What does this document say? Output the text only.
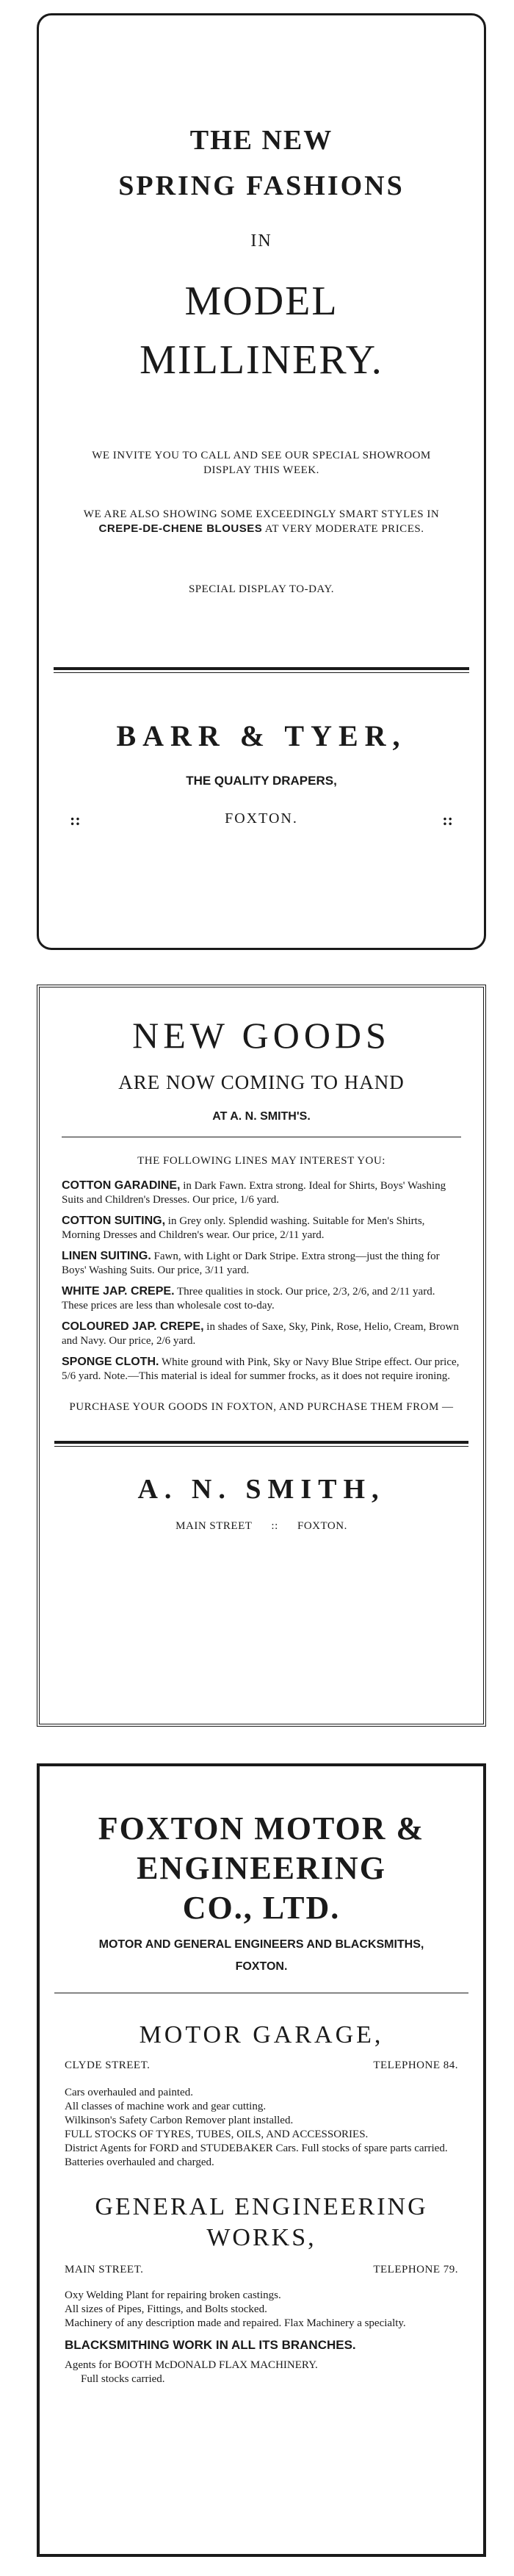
THE NEW
SPRING FASHIONS
IN
MODEL
MILLINERY.
WE INVITE YOU TO CALL AND SEE OUR SPECIAL SHOWROOM DISPLAY THIS WEEK.
WE ARE ALSO SHOWING SOME EXCEEDINGLY SMART STYLES IN CREPE-DE-CHENE BLOUSES AT VERY MODERATE PRICES.
SPECIAL DISPLAY TO-DAY.
BARR & TYER,
THE QUALITY DRAPERS,
::	FOXTON.	::
NEW GOODS
ARE NOW COMING TO HAND
AT A. N. SMITH'S.
THE FOLLOWING LINES MAY INTEREST YOU:
COTTON GARADINE, in Dark Fawn. Extra strong. Ideal for Shirts, Boys' Washing Suits and Children's Dresses. Our price, 1/6 yard.
COTTON SUITING, in Grey only. Splendid washing. Suitable for Men's Shirts, Morning Dresses and Children's wear. Our price, 2/11 yard.
LINEN SUITING. Fawn, with Light or Dark Stripe. Extra strong—just the thing for Boys' Washing Suits. Our price, 3/11 yard.
WHITE JAP. CREPE. Three qualities in stock. Our price, 2/3, 2/6, and 2/11 yard. These prices are less than wholesale cost to-day.
COLOURED JAP. CREPE, in shades of Saxe, Sky, Pink, Rose, Helio, Cream, Brown and Navy. Our price, 2/6 yard.
SPONGE CLOTH. White ground with Pink, Sky or Navy Blue Stripe effect. Our price, 5/6 yard. Note.—This material is ideal for summer frocks, as it does not require ironing.
PURCHASE YOUR GOODS IN FOXTON, AND PURCHASE THEM FROM —
A. N. SMITH,
MAIN STREET :: FOXTON.
FOXTON MOTOR &
ENGINEERING
CO., LTD.
MOTOR AND GENERAL ENGINEERS AND BLACKSMITHS,
FOXTON.
MOTOR GARAGE,
CLYDE STREET.	TELEPHONE 84.
Cars overhauled and painted.
All classes of machine work and gear cutting.
Wilkinson's Safety Carbon Remover plant installed.
FULL STOCKS OF TYRES, TUBES, OILS, AND ACCESSORIES.
District Agents for FORD and STUDEBAKER Cars. Full stocks of spare parts carried.
Batteries overhauled and charged.
GENERAL ENGINEERING
WORKS,
MAIN STREET.	TELEPHONE 79.
Oxy Welding Plant for repairing broken castings.
All sizes of Pipes, Fittings, and Bolts stocked.
Machinery of any description made and repaired. Flax Machinery a specialty.
BLACKSMITHING WORK IN ALL ITS BRANCHES.
Agents for BOOTH McDONALD FLAX MACHINERY.
Full stocks carried.
